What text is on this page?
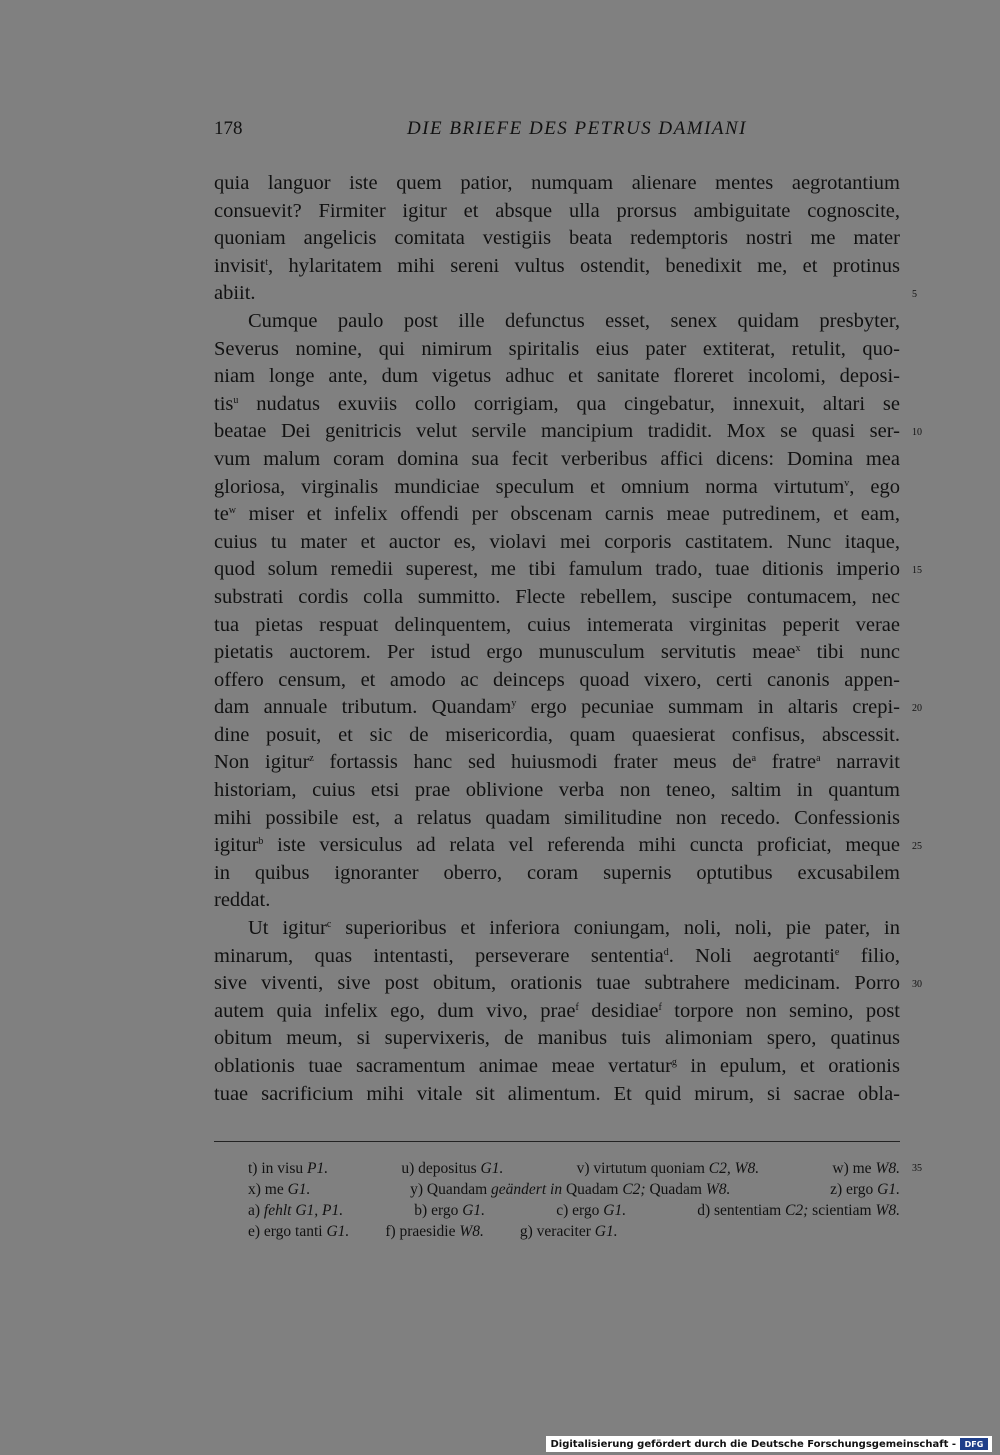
178	DIE BRIEFE DES PETRUS DAMIANI
quia languor iste quem patior, numquam alienare mentes aegrotantium
consuevit? Firmiter igitur et absque ulla prorsus ambiguitate cognoscite,
quoniam angelicis comitata vestigiis beata redemptoris nostri me mater
invisit$^t$, hylaritatem mihi sereni vultus ostendit, benedixit me, et protinus
abiit.
Cumque paulo post ille defunctus esset, senex quidam presbyter,
Severus nomine, qui nimirum spiritalis eius pater extiterat, retulit, quo-
niam longe ante, dum vigetus adhuc et sanitate floreret incolomi, deposi-
tis$^u$ nudatus exuviis collo corrigiam, qua cingebatur, innexuit, altari se
beatae Dei genitricis velut servile mancipium tradidit. Mox se quasi ser-
vum malum coram domina sua fecit verberibus affici dicens: Domina mea
gloriosa, virginalis mundiciae speculum et omnium norma virtutum$^v$, ego
$te^w$ miser et infelix offendi per obscenam carnis meae putredinem, et eam,
cuius tu mater et auctor es, violavi mei corporis castitatem. Nunc itaque,
quod solum remedii superest, me tibi famulum trado, tuae ditionis imperio
substrati cordis colla summitto. Flecte rebellem, suscipe contumacem, nec
tua pietas respuat delinquentem, cuius intemerata virginitas peperit verae
pietatis auctorem. Per istud ergo munusculum servitutis meae$^x$ tibi nunc
offero censum, et amodo ac deinceps quoad vixero, certi canonis appen-
dam annuale tributum. Quandam$^y$ ergo pecuniae summam in altaris crepi-
dine posuit, et sic de misericordia, quam quaesierat confisus, abscessit.
Non igitur$^z$ fortassis hanc sed huiusmodi frater meus $de^a$ fratre$^a$ narravit
historiam, cuius etsi prae oblivione verba non teneo, saltim in quantum
mihi possibile est, a relatus quadam similitudine non recedo. Confessionis
igitur$^b$ iste versiculus ad relata vel referenda mihi cuncta proficiat, meque
in quibus ignoranter oberro, coram supernis optutibus excusabilem
reddat.
Ut igitur$^c$ superioribus et inferiora coniungam, noli, noli, pie pater, in
minarum, quas intentasti, perseverare sententia$^d$. Noli aegrotanti$^e$ filio,
sive viventi, sive post obitum, orationis tuae subtrahere medicinam. Porro
autem quia infelix ego, dum vivo, prae$^f$ desidiae$^f$ torpore non semino, post
obitum meum, si supervixeris, de manibus tuis alimoniam spero, quatinus
oblationis tuae sacramentum animae meae vertatur$^g$ in epulum, et orationis
tuae sacrificium mihi vitale sit alimentum. Et quid mirum, si sacrae obla-
5
10
15
20
25
30
t) in visu P1.	u) depositus G1.	v) virtutum quoniam C2, W8.	w) me W8.
x) me G1.	y) Quandam geändert in Quadam C2; Quadam W8.	z) ergo G1.
a) fehlt G1, P1.	b) ergo G1.	c) ergo G1.	d) sententiam C2; scientiam W8.
e) ergo tanti G1. f) praesidie W8. g) veraciter G1.
35
Digitalisierung gefördert durch die Deutsche Forschungsgemeinschaft -	DFG
